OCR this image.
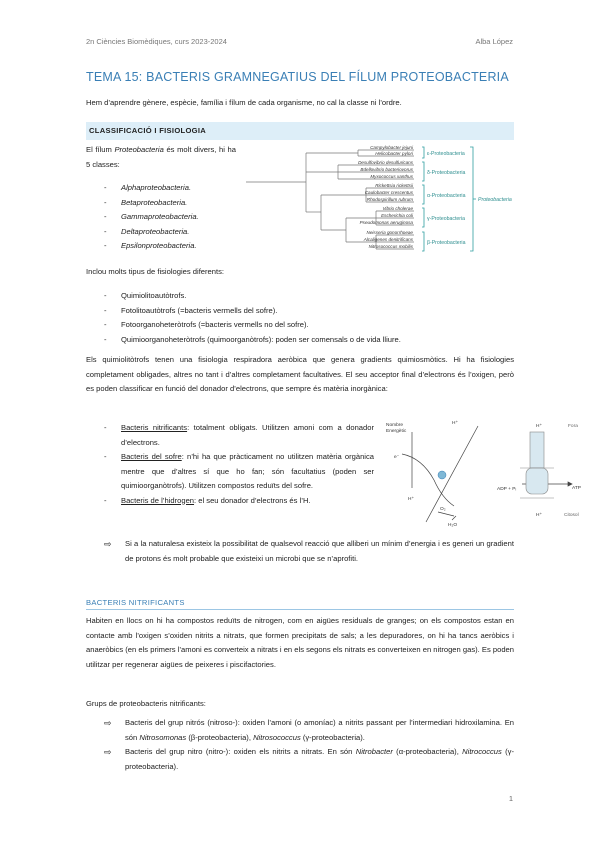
2n Ciències Biomèdiques, curs 2023-2024	Alba López
TEMA 15: BACTERIS GRAMNEGATIUS DEL FÍLUM PROTEOBACTERIA
Hem d’aprendre gènere, espècie, família i fílum de cada organisme, no cal la classe ni l’ordre.
CLASSIFICACIÓ I FISIOLOGIA
El fílum Proteobacteria és molt divers, hi ha 5 classes:
- Alphaproteobacteria.
- Betaproteobacteria.
- Gammaproteobacteria.
- Deltaproteobacteria.
- Epsilonproteobacteria.
Campylobacter jejuni
Helicobacter pylori
Desulfovibrio desulfuricans
Bdellovibrio bacteriovorus
Myxococcus xanthus
Rickettsia rickettsii
Caulobacter crescentus
Rhodospirillum rubrum
Vibrio cholerae
Escherichia coli
Pseudomonas aeruginosa
Neisseria gonorrhoeae
Alcaligenes denitrificans
Nitrosococcus mobilis
ε-Proteobacteria
δ-Proteobacteria
α-Proteobacteria
γ-Proteobacteria
β-Proteobacteria
Proteobacteria
Inclou molts tipus de fisiologies diferents:
- Quimiolitoautòtrofs.
- Fotolitoautòtrofs (=bacteris vermells del sofre).
- Fotoorganoheteròtrofs (=bacteris vermells no del sofre).
- Quimioorganoheteròtrofs (quimoorganòtrofs): poden ser comensals o de vida lliure.
Els quimiolitòtrofs tenen una fisiologia respiradora aeròbica que genera gradients quimiosmòtics. Hi ha fisiologies completament obligades, altres no tant i d’altres completament facultatives. El seu acceptor final d’electrons és l’oxigen, però es poden classificar en funció del donador d’electrons, que sempre és matèria inorgànica:
- Bacteris nitrificants: totalment obligats. Utilitzen amoni com a donador d’electrons.
- Bacteris del sofre: n’hi ha que pràcticament no utilitzen matèria orgànica mentre que d’altres sí que ho fan; són facultatius (poden ser quimioorganòtrofs). Utilitzen compostos reduïts del sofre.
- Bacteris de l’hidrogen: el seu donador d’electrons és l’H.
Nombre
Energètic
e⁻
H⁺
H⁺
O₂
H₂O
ADP + Pᵢ	ATP
H⁺
H⁺	Citosol
Fora
⇨ Si a la naturalesa existeix la possibilitat de qualsevol reacció que alliberi un mínim d’energia i es generi un gradient de protons és molt probable que existeixi un microbi que se n’aprofiti.
BACTERIS NITRIFICANTS
Habiten en llocs on hi ha compostos reduïts de nitrogen, com en aigües residuals de granges; on els compostos estan en contacte amb l’oxigen s’oxiden nitrits a nitrats, que formen precipitats de sals; a les depuradores, on hi ha tancs aeròbics i anaeròbics (en els primers l’amoni es converteix a nitrats i en els segons els nitrats es converteixen en nitrogen gas). Es poden utilitzar per regenerar aigües de peixeres i piscifactories.
Grups de proteobacteris nitrificants:
⇨ Bacteris del grup nitrós (nitroso-): oxiden l’amoni (o amoníac) a nitrits passant per l’intermediari hidroxilamina. En són Nitrosomonas (β-proteobacteria), Nitrosococcus (γ-proteobacteria).
⇨ Bacteris del grup nitro (nitro-): oxiden els nitrits a nitrats. En són Nitrobacter (α-proteobacteria), Nitrococcus (γ-proteobacteria).
1
